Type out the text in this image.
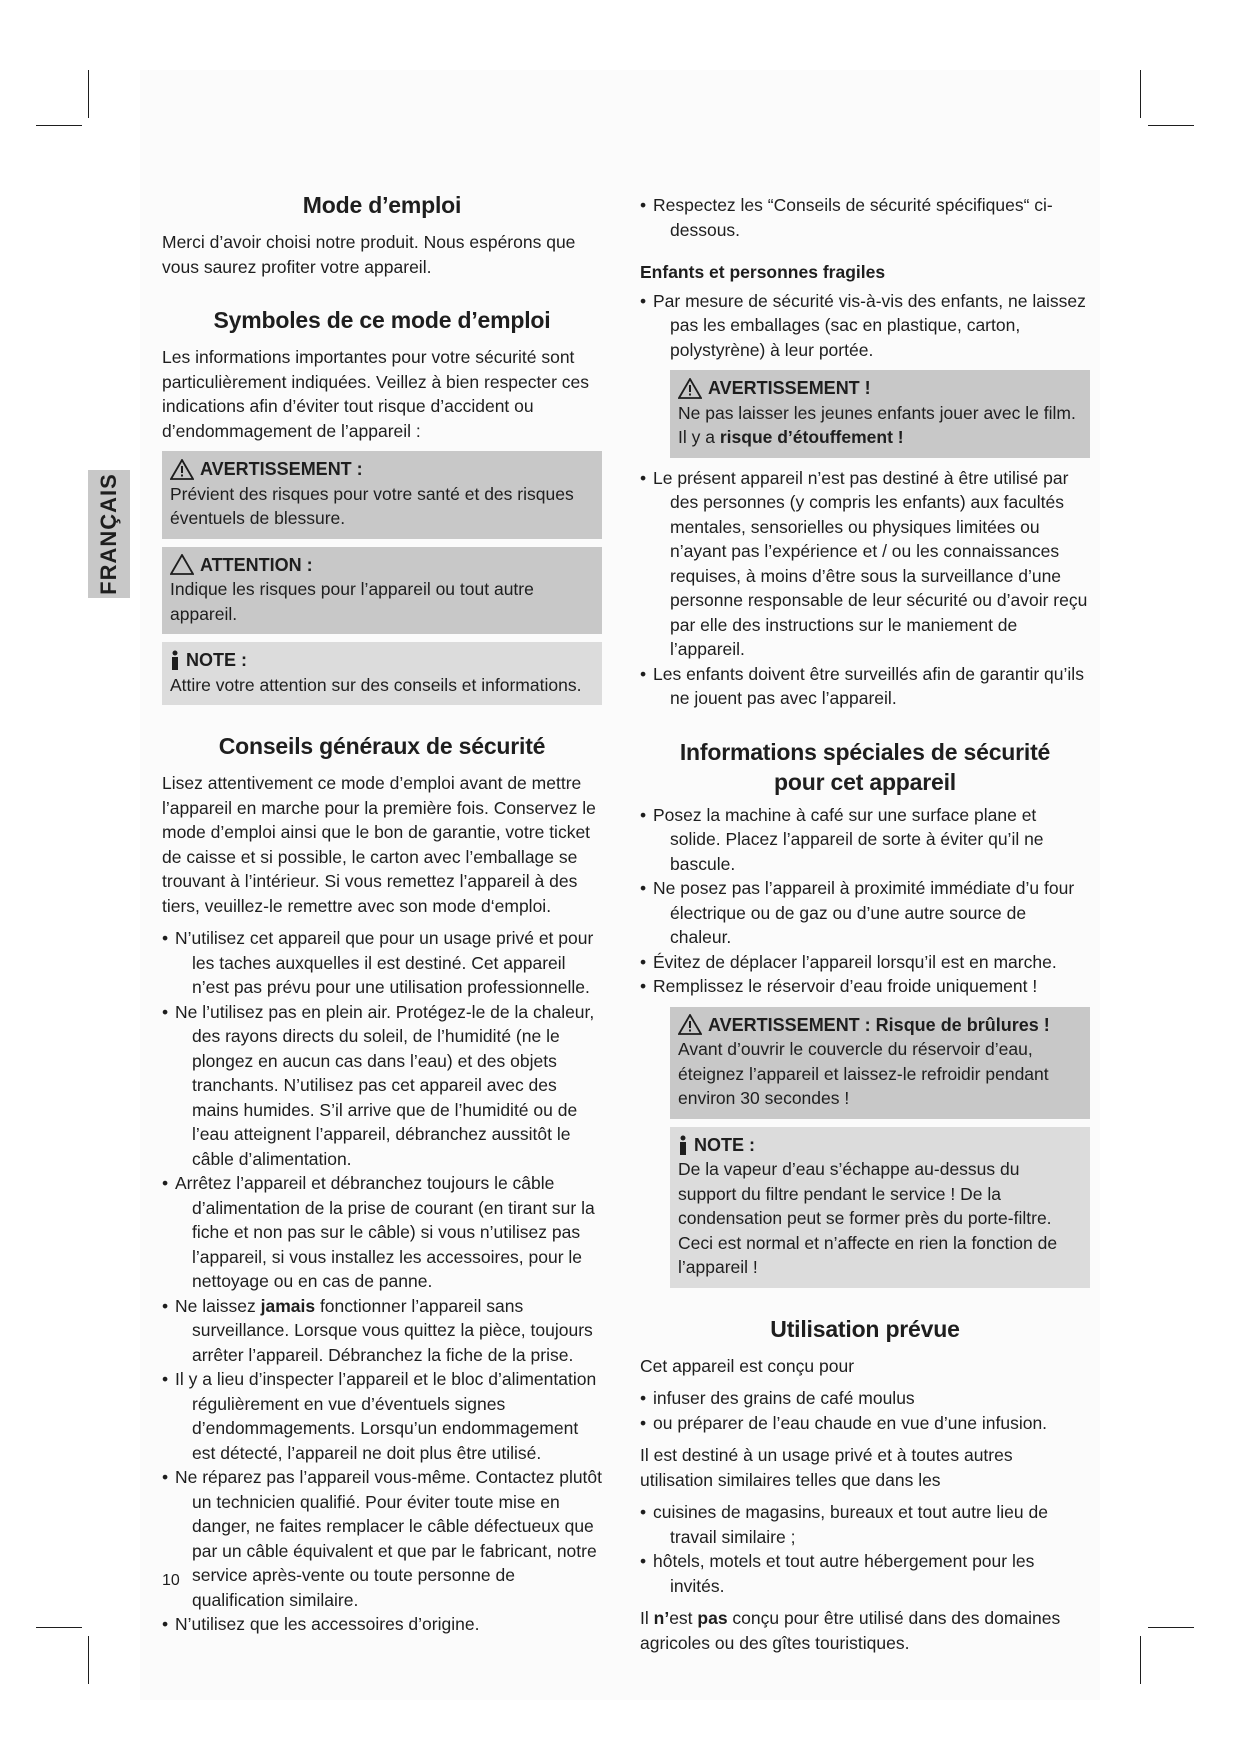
FRANÇAIS
Mode d’emploi

Merci d’avoir choisi notre produit. Nous espérons que vous saurez profiter votre appareil.

Symboles de ce mode d’emploi

Les informations importantes pour votre sécurité sont particulièrement indiquées. Veillez à bien respecter ces indications afin d’éviter tout risque d’accident ou d’endommagement de l’appareil :

AVERTISSEMENT :
Prévient des risques pour votre santé et des risques éventuels de blessure.
ATTENTION :
Indique les risques pour l’appareil ou tout autre appareil.
NOTE :
Attire votre attention sur des conseils et informations.
Conseils généraux de sécurité

Lisez attentivement ce mode d’emploi avant de mettre l’appareil en marche pour la première fois. Conservez le mode d’emploi ainsi que le bon de garantie, votre ticket de caisse et si possible, le carton avec l’emballage se trouvant à l’intérieur. Si vous remettez l’appareil à des tiers, veuillez-le remettre avec son mode d‘emploi.

• N’utilisez cet appareil que pour un usage privé et pour les taches auxquelles il est destiné. Cet appareil n’est pas prévu pour une utilisation professionnelle.
• Ne l’utilisez pas en plein air. Protégez-le de la chaleur, des rayons directs du soleil, de l’humidité (ne le plongez en aucun cas dans l’eau) et des objets tranchants. N’utilisez pas cet appareil avec des mains humides. S’il arrive que de l’humidité ou de l’eau atteignent l’appareil, débranchez aussitôt le câble d’alimentation.
• Arrêtez l’appareil et débranchez toujours le câble d’alimentation de la prise de courant (en tirant sur la fiche et non pas sur le câble) si vous n’utilisez pas l’appareil, si vous installez les accessoires, pour le nettoyage ou en cas de panne.
• Ne laissez jamais fonctionner l’appareil sans surveillance. Lorsque vous quittez la pièce, toujours arrêter l’appareil. Débranchez la fiche de la prise.
• Il y a lieu d’inspecter l’appareil et le bloc d’alimentation régulièrement en vue d’éventuels signes d’endommagements. Lorsqu’un endommagement est détecté, l’appareil ne doit plus être utilisé.
• Ne réparez pas l’appareil vous-même. Contactez plutôt un technicien qualifié. Pour éviter toute mise en danger, ne faites remplacer le câble défectueux que par un câble équivalent et que par le fabricant, notre service après-vente ou toute personne de qualification similaire.
• N’utilisez que les accessoires d’origine.
• Respectez les “Conseils de sécurité spécifiques“ ci-dessous.
Enfants et personnes fragiles
• Par mesure de sécurité vis-à-vis des enfants, ne laissez pas les emballages (sac en plastique, carton, polystyrène) à leur portée.
AVERTISSEMENT !
Ne pas laisser les jeunes enfants jouer avec le film. Il y a risque d’étouffement !
• Le présent appareil n’est pas destiné à être utilisé par des personnes (y compris les enfants) aux facultés mentales, sensorielles ou physiques limitées ou n’ayant pas l’expérience et / ou les connaissances requises, à moins d’être sous la surveillance d’une personne responsable de leur sécurité ou d’avoir reçu par elle des instructions sur le maniement de l’appareil.
• Les enfants doivent être surveillés afin de garantir qu’ils ne jouent pas avec l’appareil.
Informations spéciales de sécurité
pour cet appareil
• Posez la machine à café sur une surface plane et solide. Placez l’appareil de sorte à éviter qu’il ne bascule.
• Ne posez pas l’appareil à proximité immédiate d’u four électrique ou de gaz ou d’une autre source de chaleur.
• Évitez de déplacer l’appareil lorsqu’il est en marche.
• Remplissez le réservoir d’eau froide uniquement !
AVERTISSEMENT : Risque de brûlures !
Avant d’ouvrir le couvercle du réservoir d’eau, éteignez l’appareil et laissez-le refroidir pendant environ 30 secondes !
NOTE :
De la vapeur d’eau s’échappe au-dessus du support du filtre pendant le service ! De la condensation peut se former près du porte-filtre. Ceci est normal et n’affecte en rien la fonction de l’appareil !
Utilisation prévue

Cet appareil est conçu pour

• infuser des grains de café moulus
• ou préparer de l’eau chaude en vue d’une infusion.

Il est destiné à un usage privé et à toutes autres utilisation similaires telles que dans les

• cuisines de magasins, bureaux et tout autre lieu de travail similaire ;
• hôtels, motels et tout autre hébergement pour les invités.

Il n’est pas conçu pour être utilisé dans des domaines agricoles ou des gîtes touristiques.

10
